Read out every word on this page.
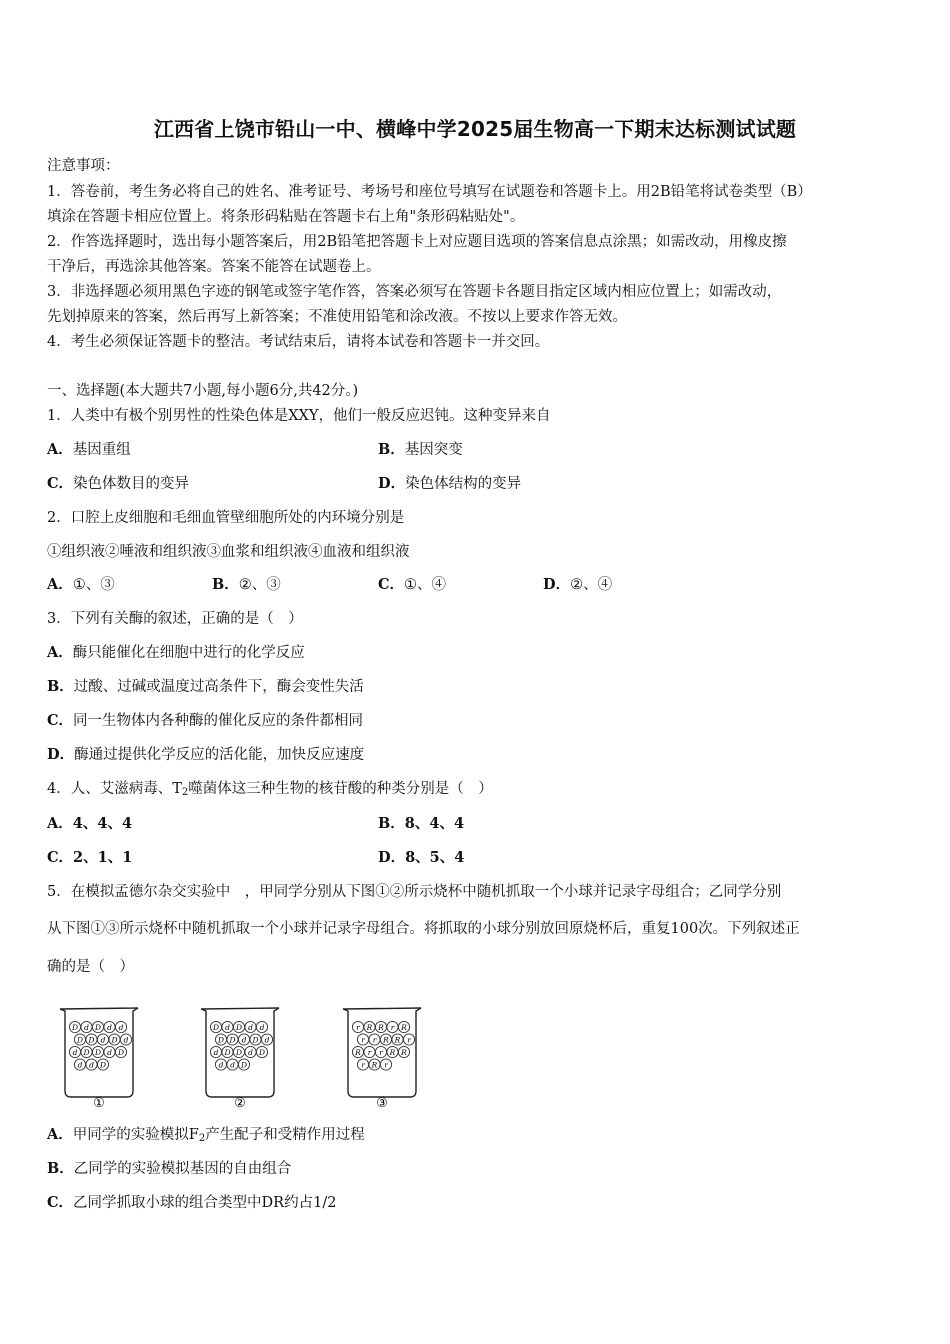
江西省上饶市铅山一中、横峰中学2025届生物高一下期末达标测试试题
注意事项：
1．答卷前，考生务必将自己的姓名、准考证号、考场号和座位号填写在试题卷和答题卡上。用2B铅笔将试卷类型（B）
填涂在答题卡相应位置上。将条形码粘贴在答题卡右上角"条形码粘贴处"。
2．作答选择题时，选出每小题答案后，用2B铅笔把答题卡上对应题目选项的答案信息点涂黑；如需改动，用橡皮擦
干净后，再选涂其他答案。答案不能答在试题卷上。
3．非选择题必须用黑色字迹的钢笔或签字笔作答，答案必须写在答题卡各题目指定区域内相应位置上；如需改动，
先划掉原来的答案，然后再写上新答案；不准使用铅笔和涂改液。不按以上要求作答无效。
4．考生必须保证答题卡的整洁。考试结束后，请将本试卷和答题卡一并交回。
一、选择题(本大题共7小题,每小题6分,共42分。)
1．人类中有极个别男性的性染色体是XXY，他们一般反应迟钝。这种变异来自
A．基因重组	B．基因突变
C．染色体数目的变异	D．染色体结构的变异
2．口腔上皮细胞和毛细血管壁细胞所处的内环境分别是
①组织液②唾液和组织液③血浆和组织液④血液和组织液
A．①、③	B．②、③	C．①、④	D．②、④
3．下列有关酶的叙述，正确的是（　）
A．酶只能催化在细胞中进行的化学反应
B．过酸、过碱或温度过高条件下，酶会变性失活
C．同一生物体内各种酶的催化反应的条件都相同
D．酶通过提供化学反应的活化能，加快反应速度
4．人、艾滋病毒、$T_2$噬菌体这三种生物的核苷酸的种类分别是（　）
A．4、4、4	B．8、4、4
C．2、1、1	D．8、5、4
5．在模拟孟德尔杂交实验中　，甲同学分别从下图①②所示烧杯中随机抓取一个小球并记录字母组合；乙同学分别
从下图①③所示烧杯中随机抓取一个小球并记录字母组合。将抓取的小球分别放回原烧杯后，重复100次。下列叙述正
确的是（　）
D d D d d
D D d D d
d D D d D
d d D
①
D d D d d
D D d D d
d D D d D
d d D
②
r R R r R
r r R R r
R r r R R
r R r
③
A．甲同学的实验模拟$F_2$产生配子和受精作用过程
B．乙同学的实验模拟基因的自由组合
C．乙同学抓取小球的组合类型中DR约占1/2
